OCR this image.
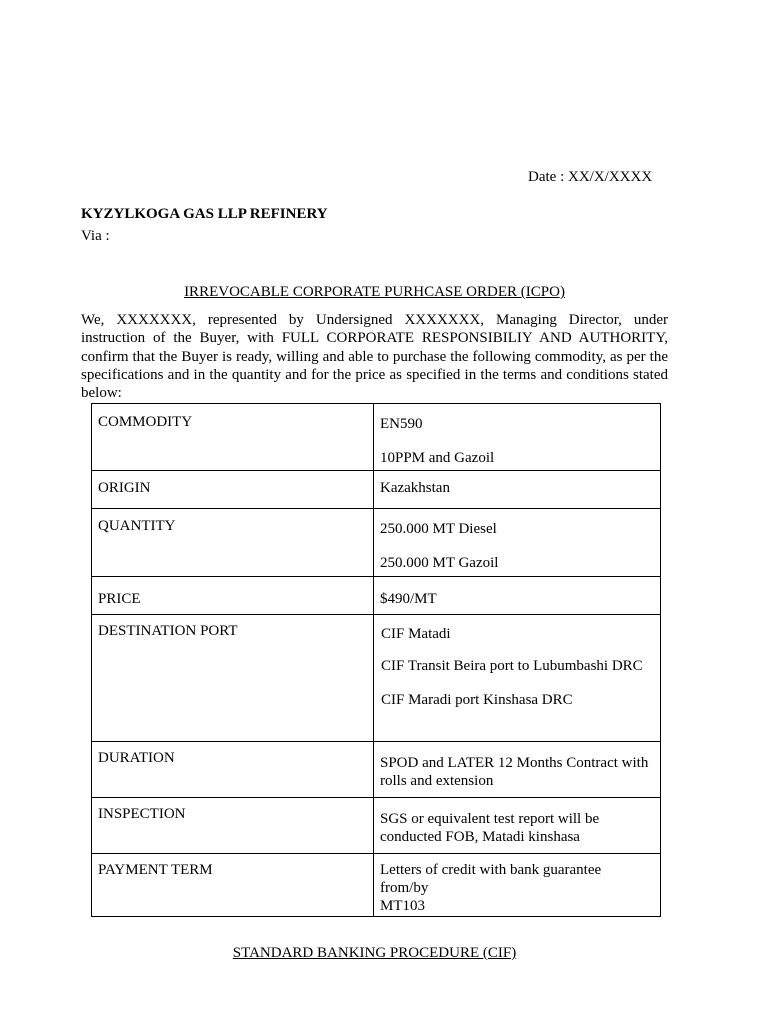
Date : XX/X/XXXX
KYZYLKOGA GAS LLP REFINERY
Via :
IRREVOCABLE CORPORATE PURHCASE ORDER (ICPO)

We, XXXXXXX, represented by Undersigned XXXXXXX, Managing Director, under instruction of the Buyer, with FULL CORPORATE RESPONSIBILIY AND AUTHORITY, confirm that the Buyer is ready, willing and able to purchase the following commodity, as per the specifications and in the quantity and for the price as specified in the terms and conditions stated below:

COMMODITY	EN590

10PPM and Gazoil

ORIGIN	Kazakhstan

QUANTITY	250.000 MT Diesel

250.000 MT Gazoil

PRICE	$490/MT

DESTINATION PORT	CIF Matadi

CIF Transit Beira port to Lubumbashi DRC

CIF Maradi port Kinshasa DRC

DURATION	SPOD and LATER 12 Months Contract with rolls and extension

INSPECTION	SGS or equivalent test report will be conducted FOB, Matadi kinshasa

PAYMENT TERM	Letters of credit with bank guarantee from/by

MT103

STANDARD BANKING PROCEDURE (CIF)
